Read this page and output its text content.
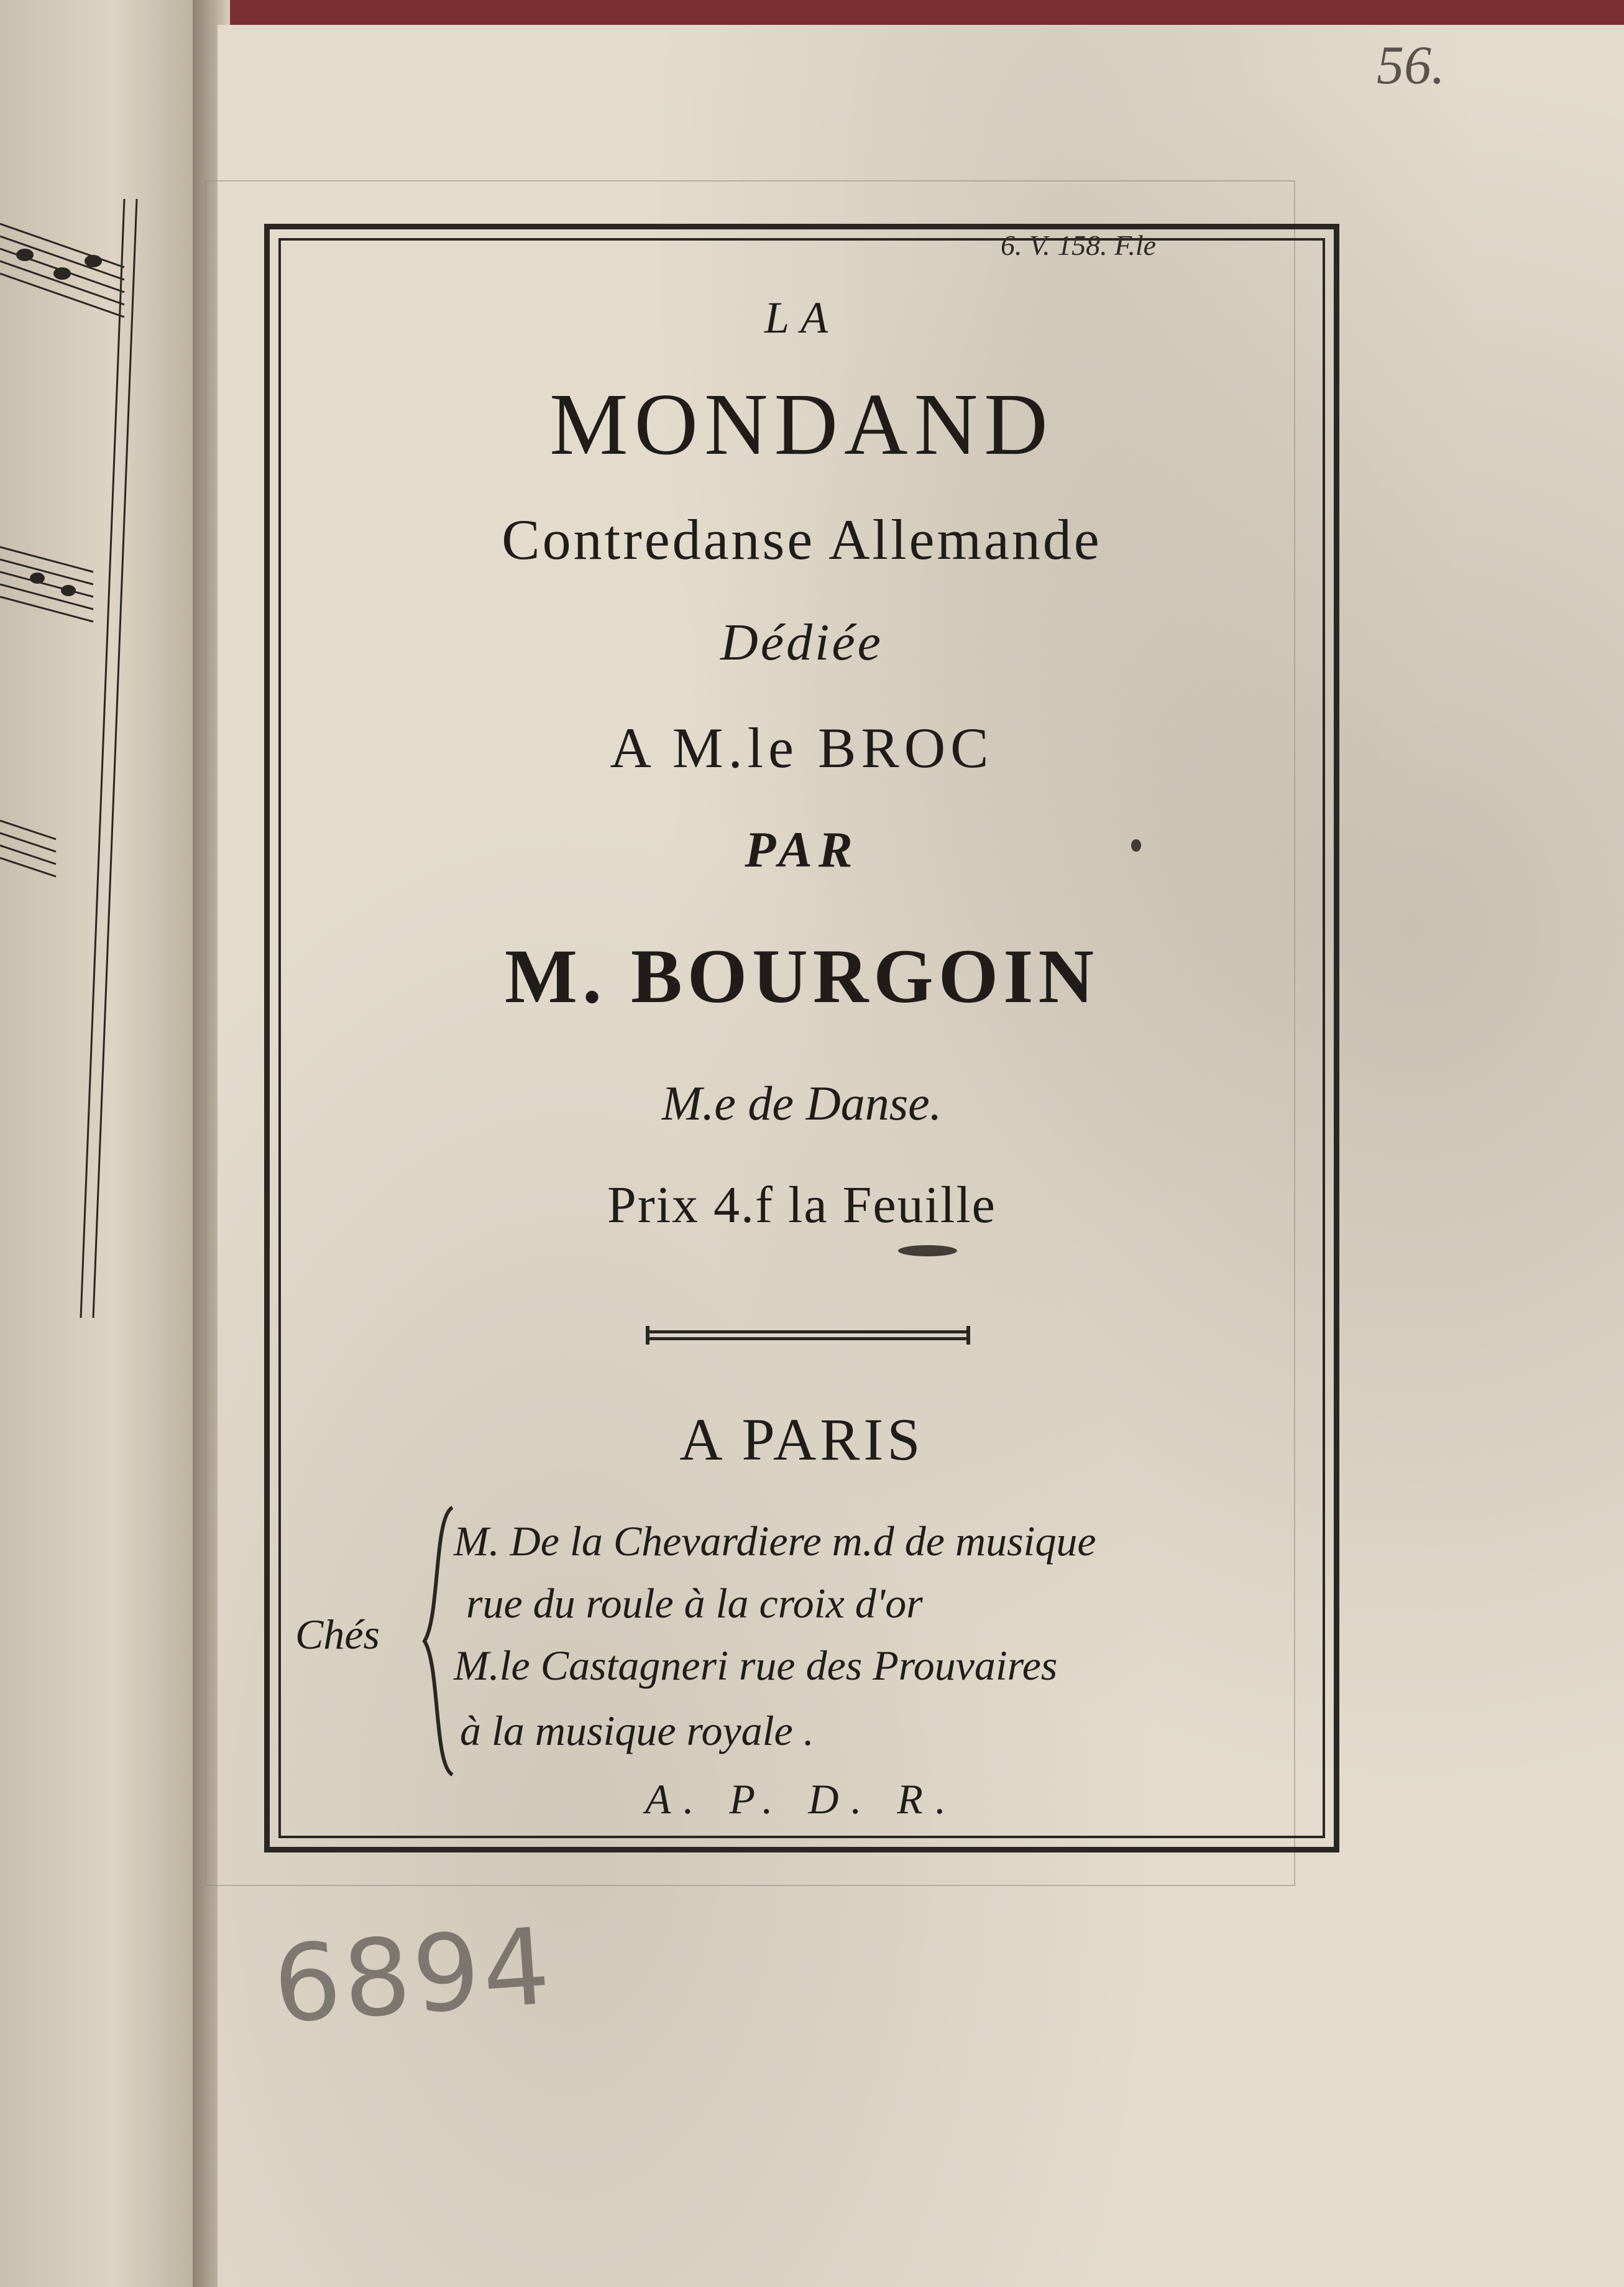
56.
6. V. 158. F.le
LA
MONDAND
Contredanse Allemande
Dédiée
A M.le BROC
PAR
M. BOURGOIN
M.e de Danse.
Prix 4.f la Feuille
A PARIS
Chés
M. De la Chevardiere m.d de musique
rue du roule à la croix d'or
M.le Castagneri rue des Prouvaires
à la musique royale .
A. P. D. R.
6894
